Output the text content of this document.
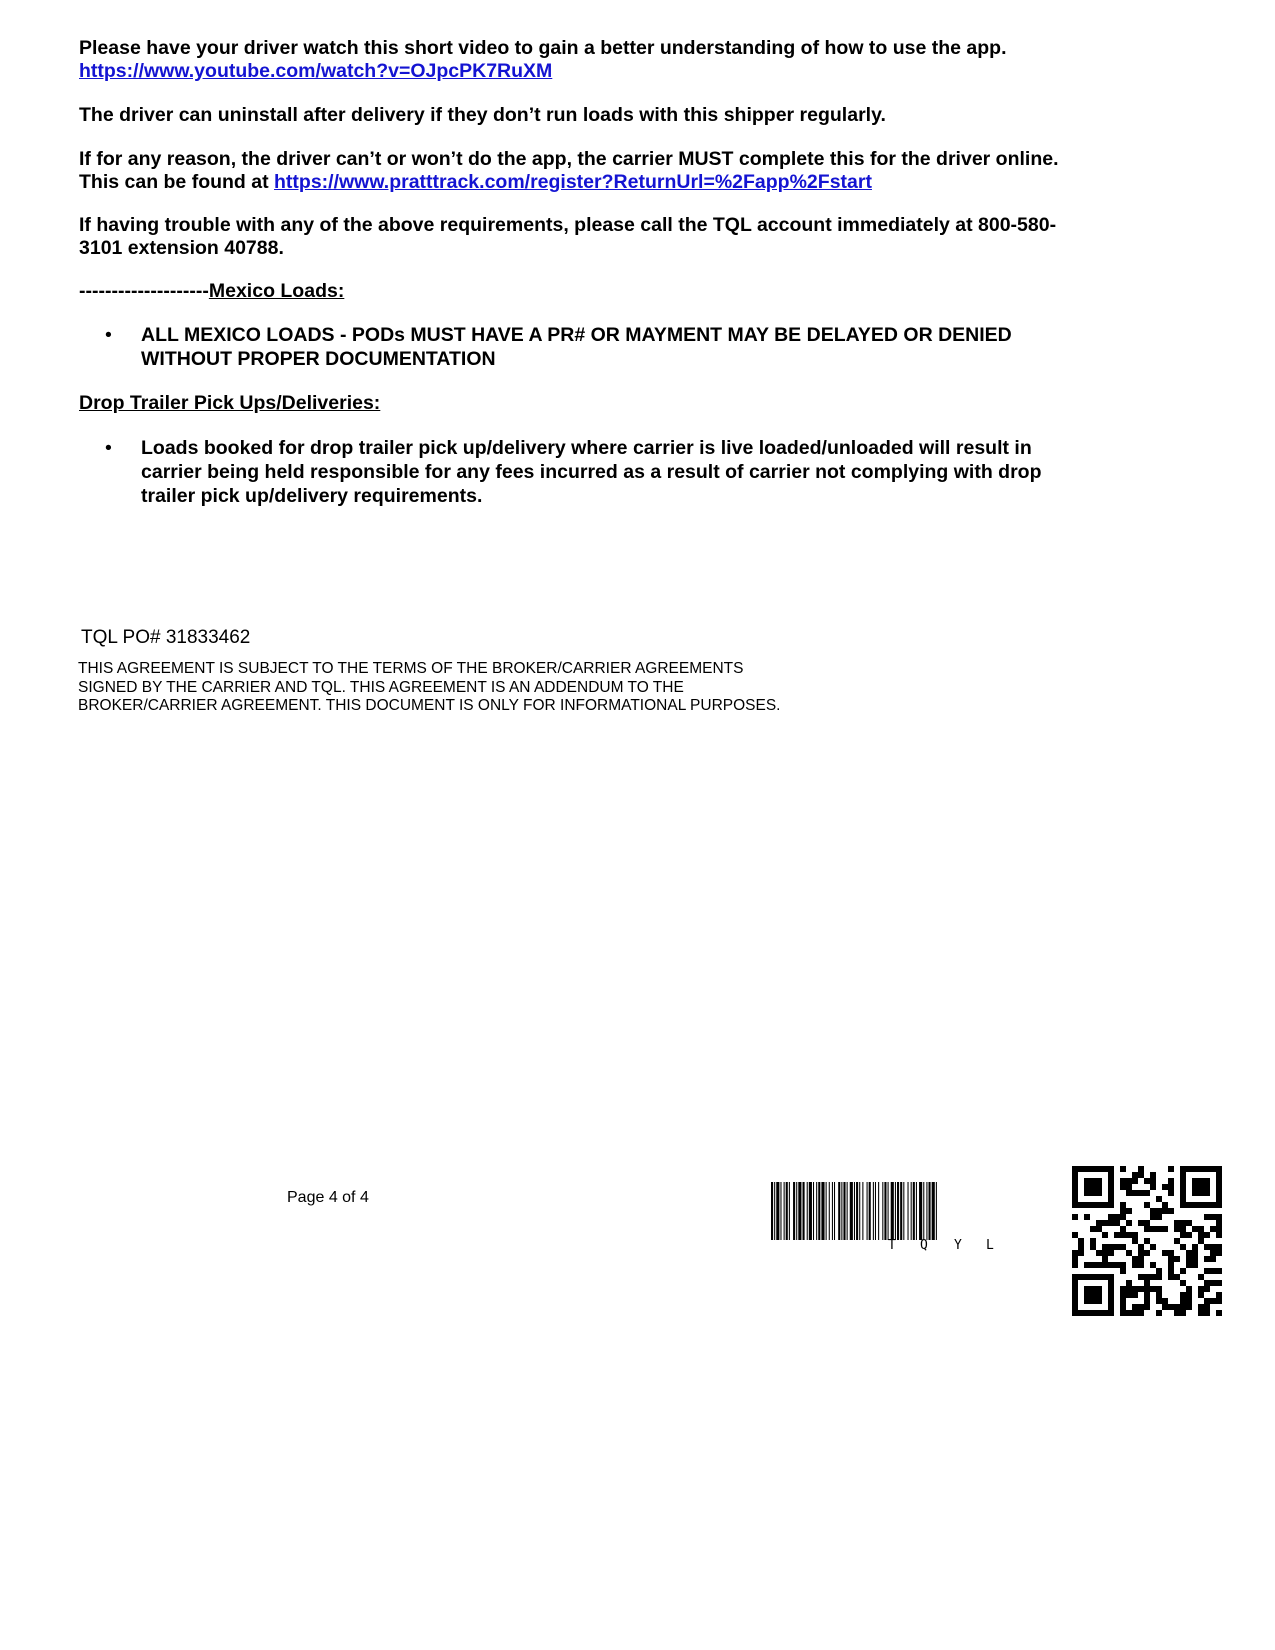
Please have your driver watch this short video to gain a better understanding of how to use the app. https://www.youtube.com/watch?v=OJpcPK7RuXM

The driver can uninstall after delivery if they don’t run loads with this shipper regularly.

If for any reason, the driver can’t or won’t do the app, the carrier MUST complete this for the driver online. This can be found at https://www.pratttrack.com/register?ReturnUrl=%2Fapp%2Fstart

If having trouble with any of the above requirements, please call the TQL account immediately at 800-580-3101 extension 40788.

--------------------Mexico Loads:

• ALL MEXICO LOADS - PODs MUST HAVE A PR# OR MAYMENT MAY BE DELAYED OR DENIED WITHOUT PROPER DOCUMENTATION

Drop Trailer Pick Ups/Deliveries:

• Loads booked for drop trailer pick up/delivery where carrier is live loaded/unloaded will result in carrier being held responsible for any fees incurred as a result of carrier not complying with drop trailer pick up/delivery requirements.
TQL PO# 31833462
THIS AGREEMENT IS SUBJECT TO THE TERMS OF THE BROKER/CARRIER AGREEMENTS SIGNED BY THE CARRIER AND TQL. THIS AGREEMENT IS AN ADDENDUM TO THE BROKER/CARRIER AGREEMENT. THIS DOCUMENT IS ONLY FOR INFORMATIONAL PURPOSES.
Page 4 of 4
T Q Y L
